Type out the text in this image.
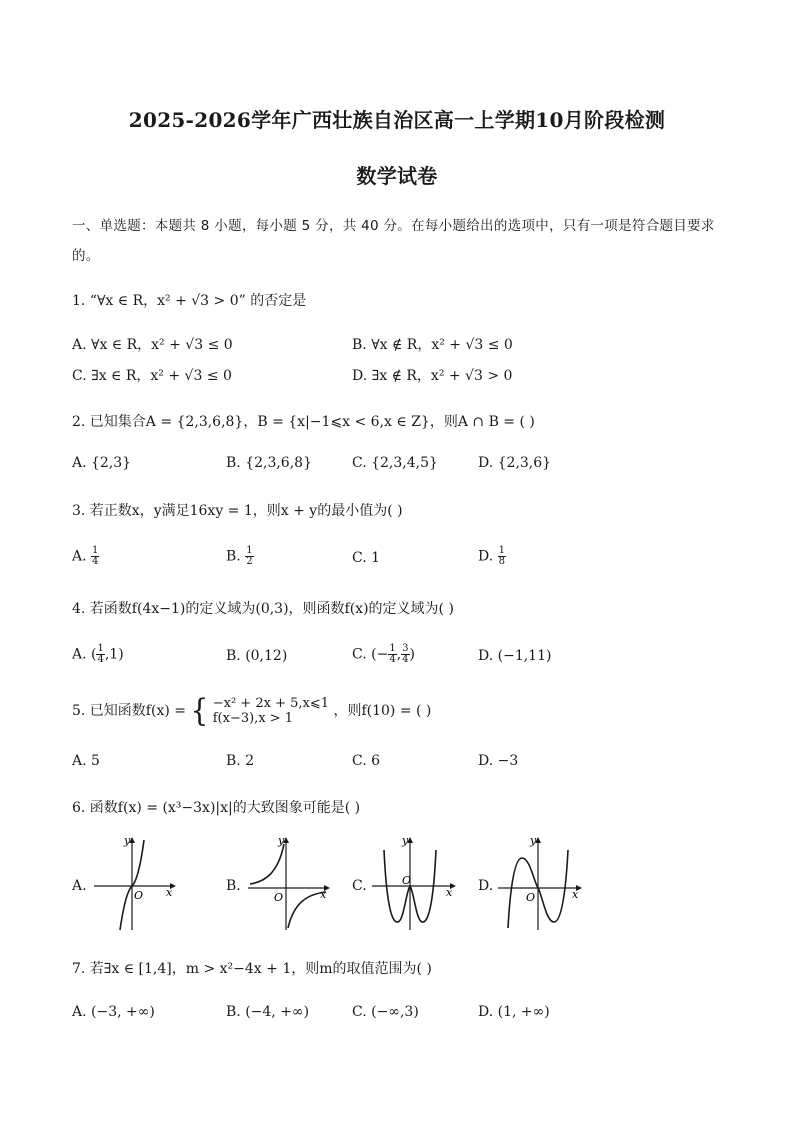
2025-2026学年广西壮族自治区高一上学期10月阶段检测
数学试卷
一、单选题：本题共 8 小题，每小题 5 分，共 40 分。在每小题给出的选项中，只有一项是符合题目要求
的。
1. “∀x ∈ R，x² + √3 > 0” 的否定是
A. ∀x ∈ R，x² + √3 ≤ 0	B. ∀x ∉ R，x² + √3 ≤ 0
C. ∃x ∈ R，x² + √3 ≤ 0	D. ∃x ∉ R，x² + √3 > 0
2. 已知集合A = {2,3,6,8}，B = {x|−1⩽x < 6,x ∈ Z}，则A ∩ B = ( )
A. {2,3}	B. {2,3,6,8}	C. {2,3,4,5}	D. {2,3,6}
3. 若正数x，y满足16xy = 1，则x + y的最小值为( )
A. $\frac{1}{4}$	B. $\frac{1}{2}$	C. 1	D. $\frac{1}{8}$
4. 若函数f(4x−1)的定义域为(0,3)，则函数f(x)的定义域为( )
A. ( $\frac{1}{4} ,1$)	B. (0,12)	C. (− $\frac{1}{4}$ , $\frac{3}{4}$ )	D. (−1,11)
5. 已知函数f(x) = { −x² + 2x + 5,x⩽1
f(x−3),x > 1	，则f(10) = ( )
A. 5	B. 2	C. 6	D. −3
6. 函数f(x) = (x³−3x)|x|的大致图象可能是( )
A.	B.	C.	D.
y
O x
y
O	x
y
O
x
y
O	x
7. 若∃x ∈ [1,4]，m > x²−4x + 1，则m的取值范围为( )
A. (−3, +∞)	B. (−4, +∞)	C. (−∞,3)	D. (1, +∞)
